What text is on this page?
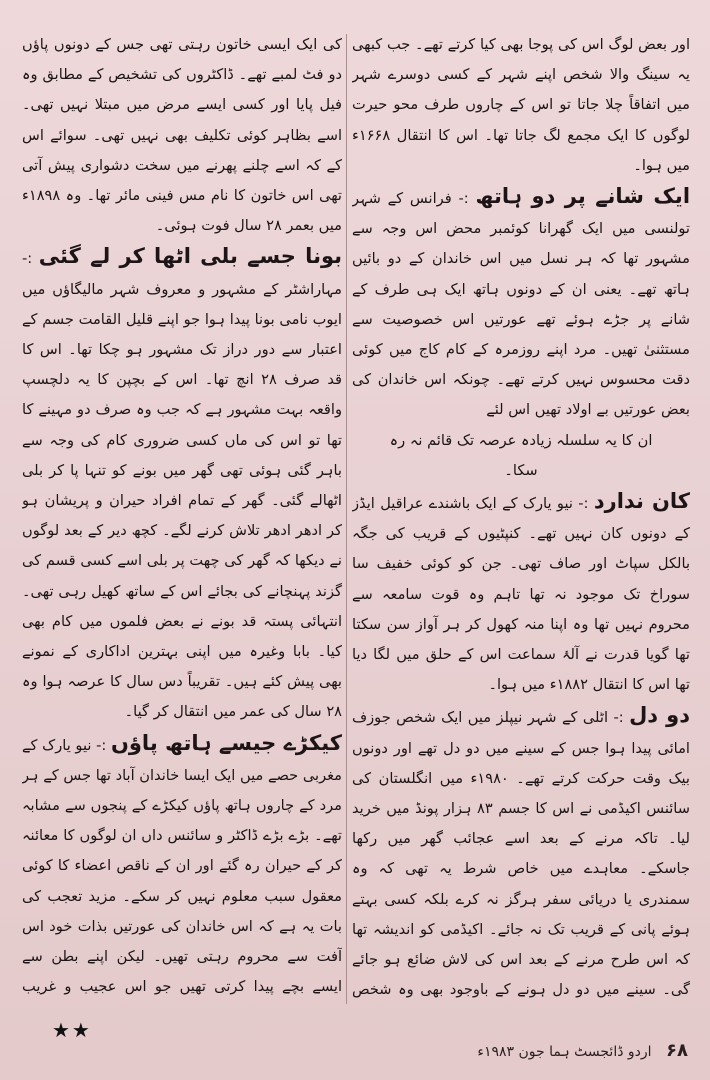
اور بعض لوگ اس کی پوجا بھی کیا کرتے تھے۔ جب کبھی یہ سینگ والا شخص اپنے شہر کے کسی دوسرے شہر میں اتفاقاً چلا جاتا تو اس کے چاروں طرف محو حیرت لوگوں کا ایک مجمع لگ جاتا تھا۔ اس کا انتقال ۱۶۶۸ء میں ہوا۔

ایک شانے پر دو ہاتھ :- فرانس کے شہر تولنسی میں ایک گھرانا کوئمبر محض اس وجہ سے مشہور تھا کہ ہر نسل میں اس خاندان کے دو بائیں ہاتھ تھے۔ یعنی ان کے دونوں ہاتھ ایک ہی طرف کے شانے پر جڑے ہوئے تھے عورتیں اس خصوصیت سے مستثنیٰ تھیں۔ مرد اپنے روزمرہ کے کام کاج میں کوئی دقت محسوس نہیں کرتے تھے۔ چونکہ اس خاندان کی بعض عورتیں بے اولاد تھیں اس لئے

ان کا یہ سلسلہ زیادہ عرصہ تک قائم نہ رہ سکا۔

کان ندارد :- نیو یارک کے ایک باشندے عراقیل ایڈز کے دونوں کان نہیں تھے۔ کنپٹیوں کے قریب کی جگہ بالکل سپاٹ اور صاف تھی۔ جن کو کوئی خفیف سا سوراخ تک موجود نہ تھا تاہم وہ قوت سامعہ سے محروم نہیں تھا وہ اپنا منہ کھول کر ہر آواز سن سکتا تھا گویا قدرت نے آلۂ سماعت اس کے حلق میں لگا دیا تھا اس کا انتقال ۱۸۸۲ء میں ہوا۔

دو دل :- اٹلی کے شہر نیپلز میں ایک شخص جوزف امائی پیدا ہوا جس کے سینے میں دو دل تھے اور دونوں بیک وقت حرکت کرتے تھے۔ ۱۹۸۰ء میں انگلستان کی سائنس اکیڈمی نے اس کا جسم ۸۳ ہزار پونڈ میں خرید لیا۔ تاکہ مرنے کے بعد اسے عجائب گھر میں رکھا جاسکے۔ معاہدے میں خاص شرط یہ تھی کہ وہ سمندری یا دریائی سفر ہرگز نہ کرے بلکہ کسی بہتے ہوئے پانی کے قریب تک نہ جائے۔ اکیڈمی کو اندیشہ تھا کہ اس طرح مرنے کے بعد اس کی لاش ضائع ہو جائے گی۔ سینے میں دو دل ہونے کے باوجود بھی وہ شخص

کی ایک ایسی خاتون رہتی تھی جس کے دونوں پاؤں دو فٹ لمبے تھے۔ ڈاکٹروں کی تشخیص کے مطابق وہ فیل پایا اور کسی ایسے مرض میں مبتلا نہیں تھی۔ اسے بظاہر کوئی تکلیف بھی نہیں تھی۔ سوائے اس کے کہ اسے چلنے پھرنے میں سخت دشواری پیش آتی تھی اس خاتون کا نام مس فینی مائر تھا۔ وہ ۱۸۹۸ء میں بعمر ۲۸ سال فوت ہوئی۔

بونا جسے بلی اٹھا کر لے گئی :- مہاراشٹر کے مشہور و معروف شہر مالیگاؤں میں ایوب نامی بونا پیدا ہوا جو اپنے قلیل القامت جسم کے اعتبار سے دور دراز تک مشہور ہو چکا تھا۔ اس کا قد صرف ۲۸ انچ تھا۔ اس کے بچپن کا یہ دلچسپ واقعہ بہت مشہور ہے کہ جب وہ صرف دو مہینے کا تھا تو اس کی ماں کسی ضروری کام کی وجہ سے باہر گئی ہوئی تھی گھر میں بونے کو تنہا پا کر بلی اٹھالے گئی۔ گھر کے تمام افراد حیران و پریشان ہو کر ادھر ادھر تلاش کرنے لگے۔ کچھ دیر کے بعد لوگوں نے دیکھا کہ گھر کی چھت پر بلی اسے کسی قسم کی گزند پہنچانے کی بجائے اس کے ساتھ کھیل رہی تھی۔ انتہائی پستہ قد بونے نے بعض فلموں میں کام بھی کیا۔ بابا وغیرہ میں اپنی بہترین اداکاری کے نمونے بھی پیش کئے ہیں۔ تقریباً دس سال کا عرصہ ہوا وہ ۲۸ سال کی عمر میں انتقال کر گیا۔

کیکڑے جیسے ہاتھ پاؤں :- نیو یارک کے مغربی حصے میں ایک ایسا خاندان آباد تھا جس کے ہر مرد کے چاروں ہاتھ پاؤں کیکڑے کے پنجوں سے مشابہ تھے۔ بڑے بڑے ڈاکٹر و سائنس داں ان لوگوں کا معائنہ کر کے حیران رہ گئے اور ان کے ناقص اعضاء کا کوئی معقول سبب معلوم نہیں کر سکے۔ مزید تعجب کی بات یہ ہے کہ اس خاندان کی عورتیں بذات خود اس آفت سے محروم رہتی تھیں۔ لیکن اپنے بطن سے ایسے بچے پیدا کرتی تھیں جو اس عجیب و غریب

★★
۶۸ اردو ڈائجسٹ ہما جون ۱۹۸۳ء
